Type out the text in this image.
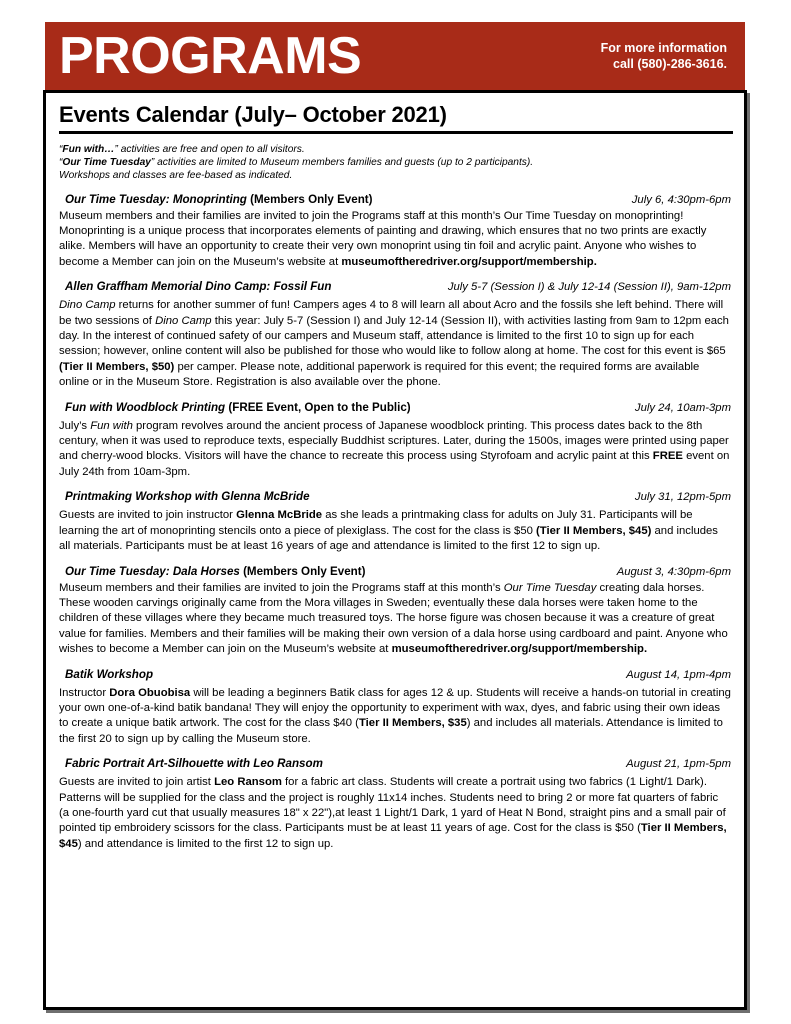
PROGRAMS	For more information
call (580)-286-3616.
Events Calendar (July– October 2021)
“Fun with…” activities are free and open to all visitors.
“Our Time Tuesday” activities are limited to Museum members families and guests (up to 2 participants).
Workshops and classes are fee-based as indicated.
Our Time Tuesday: Monoprinting (Members Only Event)	July 6, 4:30pm-6pm
Museum members and their families are invited to join the Programs staff at this month’s Our Time Tuesday on monoprinting! Monoprinting is a unique process that incorporates elements of painting and drawing, which ensures that no two prints are exactly alike. Members will have an opportunity to create their very own monoprint using tin foil and acrylic paint. Anyone who wishes to become a Member can join on the Museum’s website at museumoftheredriver.org/support/membership.
Allen Graffham Memorial Dino Camp: Fossil Fun	July 5-7 (Session I) & July 12-14 (Session II), 9am-12pm
Dino Camp returns for another summer of fun! Campers ages 4 to 8 will learn all about Acro and the fossils she left behind. There will be two sessions of Dino Camp this year: July 5-7 (Session I) and July 12-14 (Session II), with activities lasting from 9am to 12pm each day. In the interest of continued safety of our campers and Museum staff, attendance is limited to the first 10 to sign up for each session; however, online content will also be published for those who would like to follow along at home. The cost for this event is $65 (Tier II Members, $50) per camper. Please note, additional paperwork is required for this event; the required forms are available online or in the Museum Store. Registration is also available over the phone.
Fun with Woodblock Printing (FREE Event, Open to the Public)	July 24, 10am-3pm
July’s Fun with program revolves around the ancient process of Japanese woodblock printing. This process dates back to the 8th century, when it was used to reproduce texts, especially Buddhist scriptures. Later, during the 1500s, images were printed using paper and cherry-wood blocks. Visitors will have the chance to recreate this process using Styrofoam and acrylic paint at this FREE event on July 24th from 10am-3pm.
Printmaking Workshop with Glenna McBride	July 31, 12pm-5pm
Guests are invited to join instructor Glenna McBride as she leads a printmaking class for adults on July 31. Participants will be learning the art of monoprinting stencils onto a piece of plexiglass. The cost for the class is $50 (Tier II Members, $45) and includes all materials. Participants must be at least 16 years of age and attendance is limited to the first 12 to sign up.
Our Time Tuesday: Dala Horses (Members Only Event)	August 3, 4:30pm-6pm
Museum members and their families are invited to join the Programs staff at this month’s Our Time Tuesday creating dala horses. These wooden carvings originally came from the Mora villages in Sweden; eventually these dala horses were taken home to the children of these villages where they became much treasured toys. The horse figure was chosen because it was a creature of great value for families. Members and their families will be making their own version of a dala horse using cardboard and paint. Anyone who wishes to become a Member can join on the Museum’s website at museumoftheredriver.org/support/membership.
Batik Workshop	August 14, 1pm-4pm
Instructor Dora Obuobisa will be leading a beginners Batik class for ages 12 & up. Students will receive a hands-on tutorial in creating your own one-of-a-kind batik bandana! They will enjoy the opportunity to experiment with wax, dyes, and fabric using their own ideas to create a unique batik artwork. The cost for the class $40 (Tier II Members, $35) and includes all materials. Attendance is limited to the first 20 to sign up by calling the Museum store.
Fabric Portrait Art-Silhouette with Leo Ransom	August 21, 1pm-5pm
Guests are invited to join artist Leo Ransom for a fabric art class. Students will create a portrait using two fabrics (1 Light/1 Dark). Patterns will be supplied for the class and the project is roughly 11x14 inches. Students need to bring 2 or more fat quarters of fabric (a one-fourth yard cut that usually measures 18" x 22"),at least 1 Light/1 Dark, 1 yard of Heat N Bond, straight pins and a small pair of pointed tip embroidery scissors for the class. Participants must be at least 11 years of age. Cost for the class is $50 (Tier II Members, $45) and attendance is limited to the first 12 to sign up.
